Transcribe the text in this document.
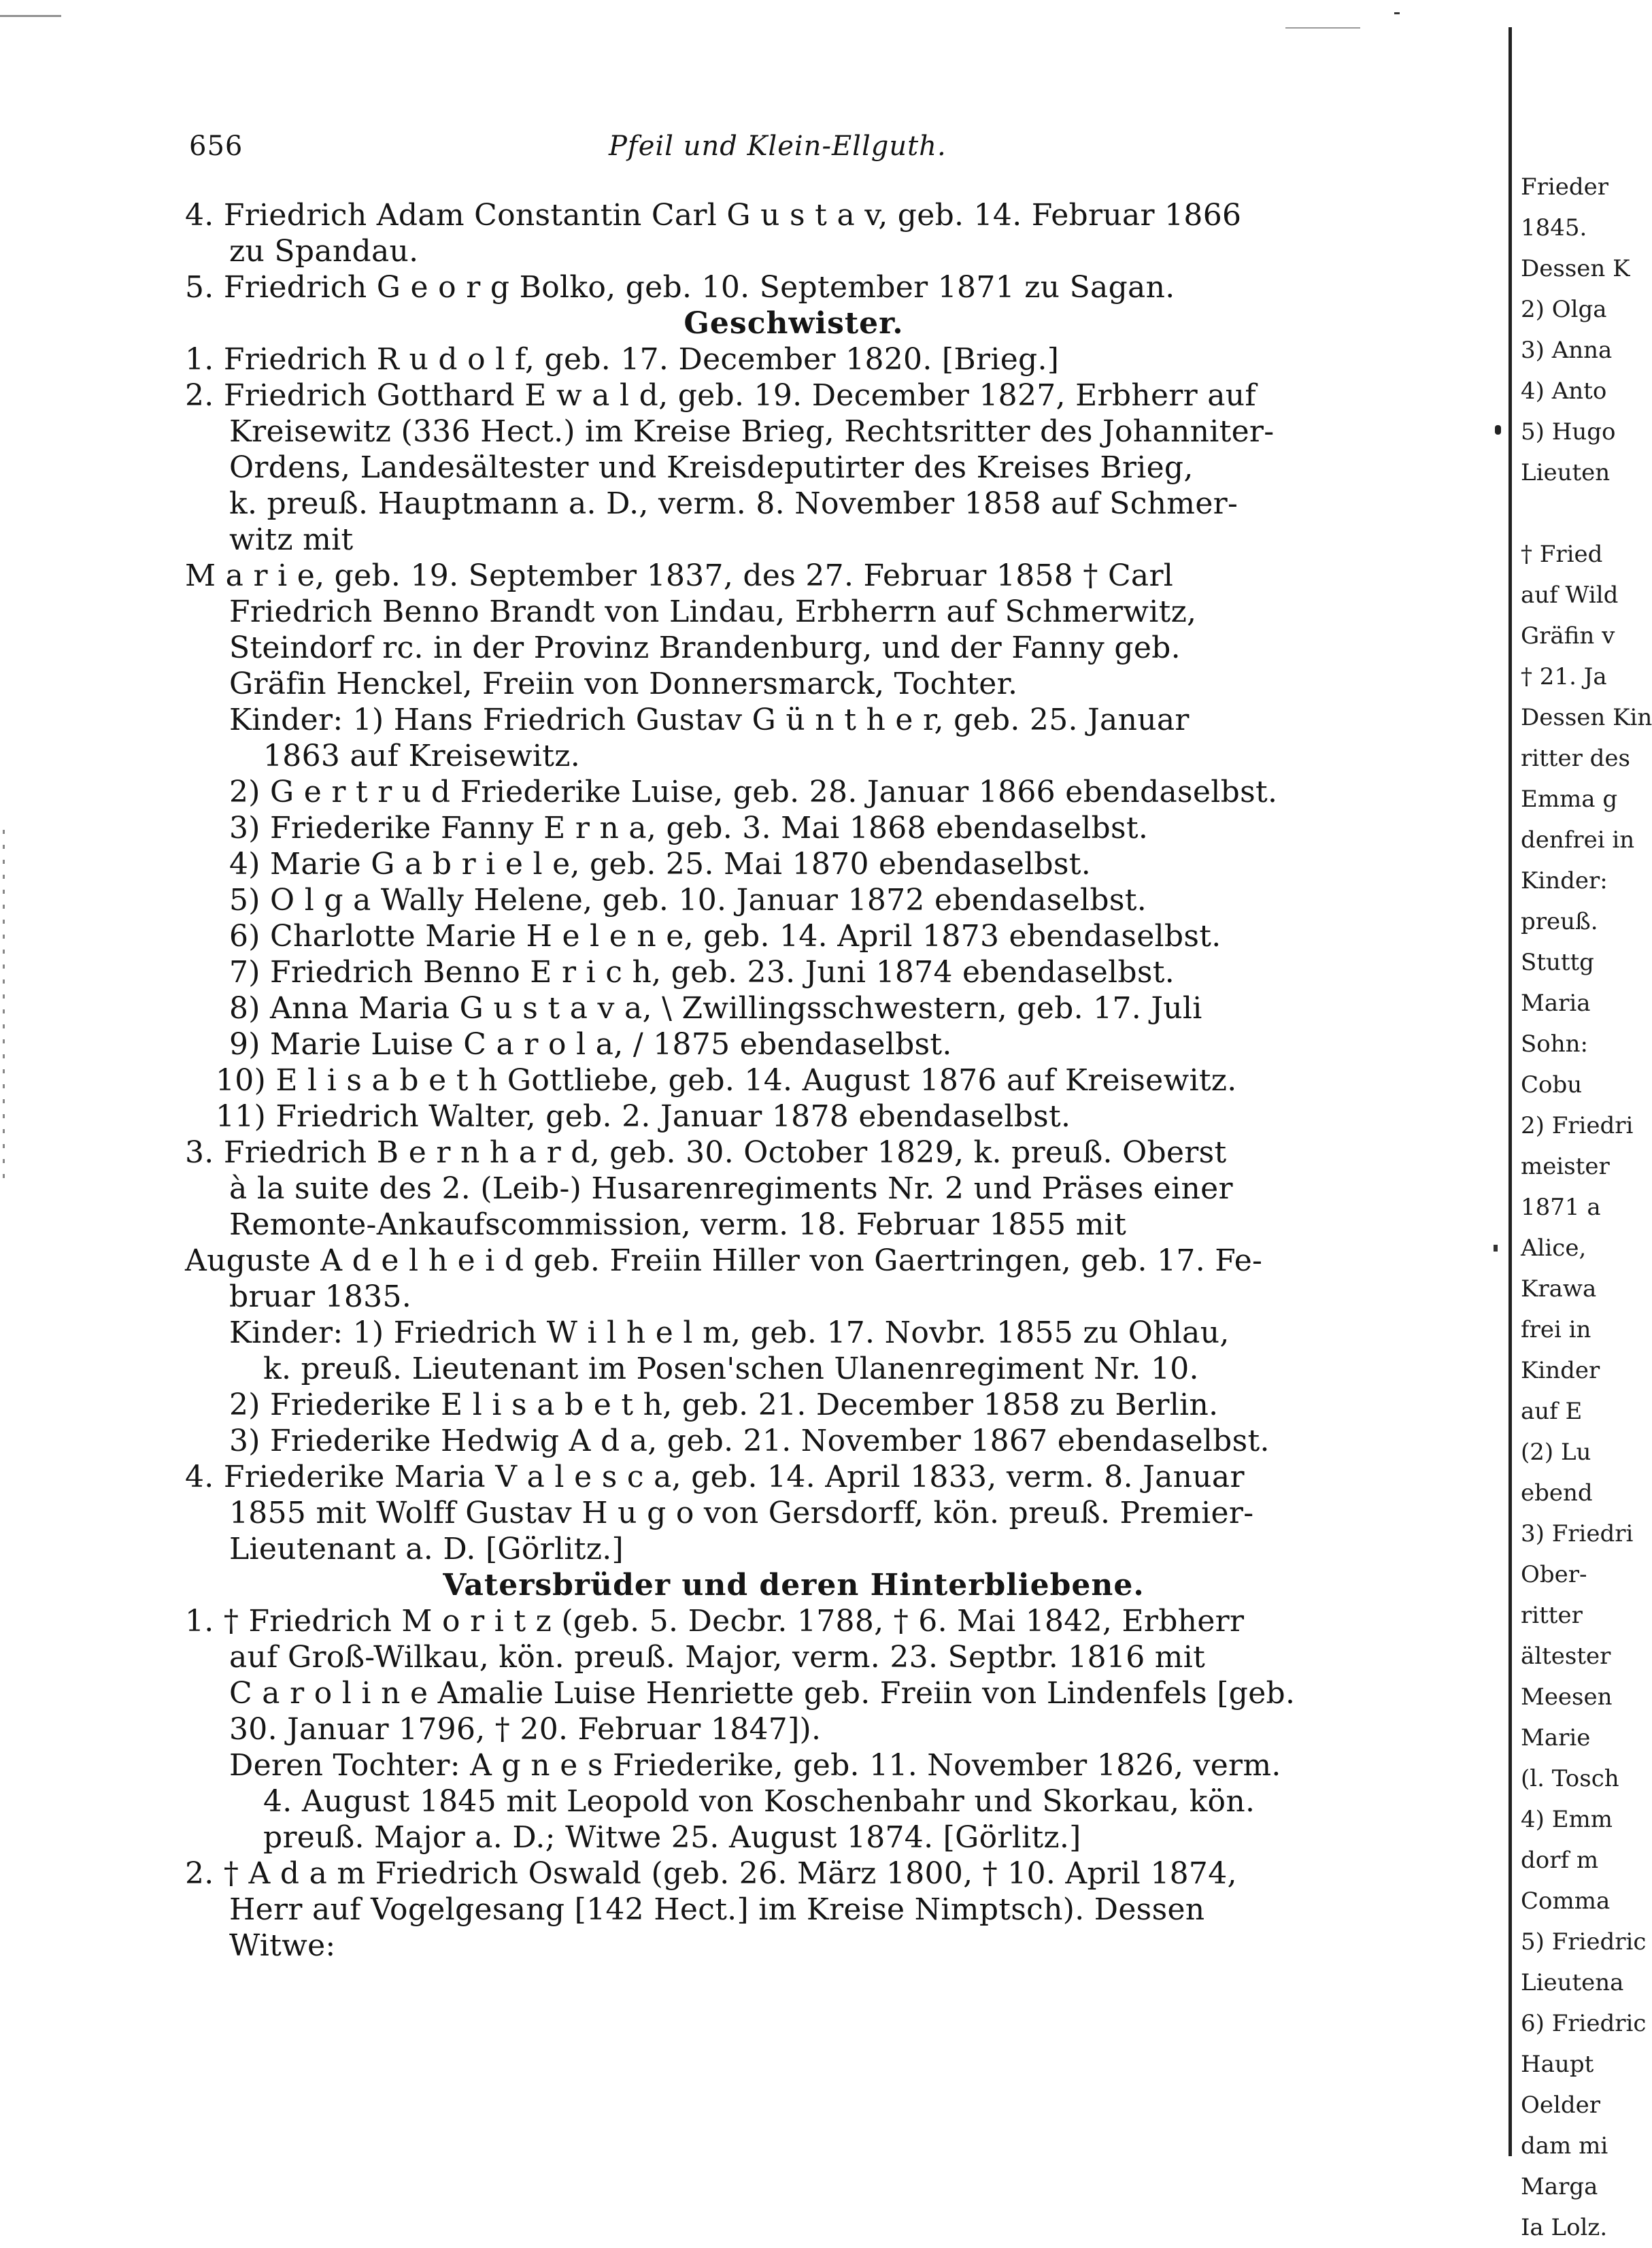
656	Pfeil und Klein-Ellguth.
4. Friedrich Adam Constantin Carl G u s t a v, geb. 14. Februar 1866
zu Spandau.
5. Friedrich G e o r g Bolko, geb. 10. September 1871 zu Sagan.
Geschwister.
1. Friedrich R u d o l f, geb. 17. December 1820. [Brieg.]
2. Friedrich Gotthard E w a l d, geb. 19. December 1827, Erbherr auf
Kreisewitz (336 Hect.) im Kreise Brieg, Rechtsritter des Johanniter-
Ordens, Landesältester und Kreisdeputirter des Kreises Brieg,
k. preuß. Hauptmann a. D., verm. 8. November 1858 auf Schmer-
witz mit
M a r i e, geb. 19. September 1837, des 27. Februar 1858 † Carl
Friedrich Benno Brandt von Lindau, Erbherrn auf Schmerwitz,
Steindorf rc. in der Provinz Brandenburg, und der Fanny geb.
Gräfin Henckel, Freiin von Donnersmarck, Tochter.
Kinder: 1) Hans Friedrich Gustav G ü n t h e r, geb. 25. Januar
1863 auf Kreisewitz.
2) G e r t r u d Friederike Luise, geb. 28. Januar 1866 ebendaselbst.
3) Friederike Fanny E r n a, geb. 3. Mai 1868 ebendaselbst.
4) Marie G a b r i e l e, geb. 25. Mai 1870 ebendaselbst.
5) O l g a Wally Helene, geb. 10. Januar 1872 ebendaselbst.
6) Charlotte Marie H e l e n e, geb. 14. April 1873 ebendaselbst.
7) Friedrich Benno E r i c h, geb. 23. Juni 1874 ebendaselbst.
8) Anna Maria G u s t a v a, \ Zwillingsschwestern, geb. 17. Juli
9) Marie Luise C a r o l a, / 1875 ebendaselbst.
10) E l i s a b e t h Gottliebe, geb. 14. August 1876 auf Kreisewitz.
11) Friedrich Walter, geb. 2. Januar 1878 ebendaselbst.
3. Friedrich B e r n h a r d, geb. 30. October 1829, k. preuß. Oberst
à la suite des 2. (Leib-) Husarenregiments Nr. 2 und Präses einer
Remonte-Ankaufscommission, verm. 18. Februar 1855 mit
Auguste A d e l h e i d geb. Freiin Hiller von Gaertringen, geb. 17. Fe-
bruar 1835.
Kinder: 1) Friedrich W i l h e l m, geb. 17. Novbr. 1855 zu Ohlau,
k. preuß. Lieutenant im Posen'schen Ulanenregiment Nr. 10.
2) Friederike E l i s a b e t h, geb. 21. December 1858 zu Berlin.
3) Friederike Hedwig A d a, geb. 21. November 1867 ebendaselbst.
4. Friederike Maria V a l e s c a, geb. 14. April 1833, verm. 8. Januar
1855 mit Wolff Gustav H u g o von Gersdorff, kön. preuß. Premier-
Lieutenant a. D. [Görlitz.]
Vatersbrüder und deren Hinterbliebene.
1. † Friedrich M o r i t z (geb. 5. Decbr. 1788, † 6. Mai 1842, Erbherr
auf Groß-Wilkau, kön. preuß. Major, verm. 23. Septbr. 1816 mit
C a r o l i n e Amalie Luise Henriette geb. Freiin von Lindenfels [geb.
30. Januar 1796, † 20. Februar 1847]).
Deren Tochter: A g n e s Friederike, geb. 11. November 1826, verm.
4. August 1845 mit Leopold von Koschenbahr und Skorkau, kön.
preuß. Major a. D.; Witwe 25. August 1874. [Görlitz.]
2. † A d a m Friedrich Oswald (geb. 26. März 1800, † 10. April 1874,
Herr auf Vogelgesang [142 Hect.] im Kreise Nimptsch). Dessen
Witwe:
Frieder
1845.
Dessen K
2) Olga
3) Anna
4) Anto
5) Hugo
Lieuten
† Fried
auf Wild
Gräfin v
† 21. Ja
Dessen Kin
ritter des
Emma g
denfrei in
Kinder:
preuß.
Stuttg
Maria
Sohn:
Cobu
2) Friedri
meister
1871 a
Alice,
Krawa
frei in
Kinder
auf E
(2) Lu
ebend
3) Friedri
Ober-
ritter
ältester
Meesen
Marie
(l. Tosch
4) Emm
dorf m
Comma
5) Friedric
Lieutena
6) Friedric
Haupt
Oelder
dam mi
Marga
Ia Lolz.
